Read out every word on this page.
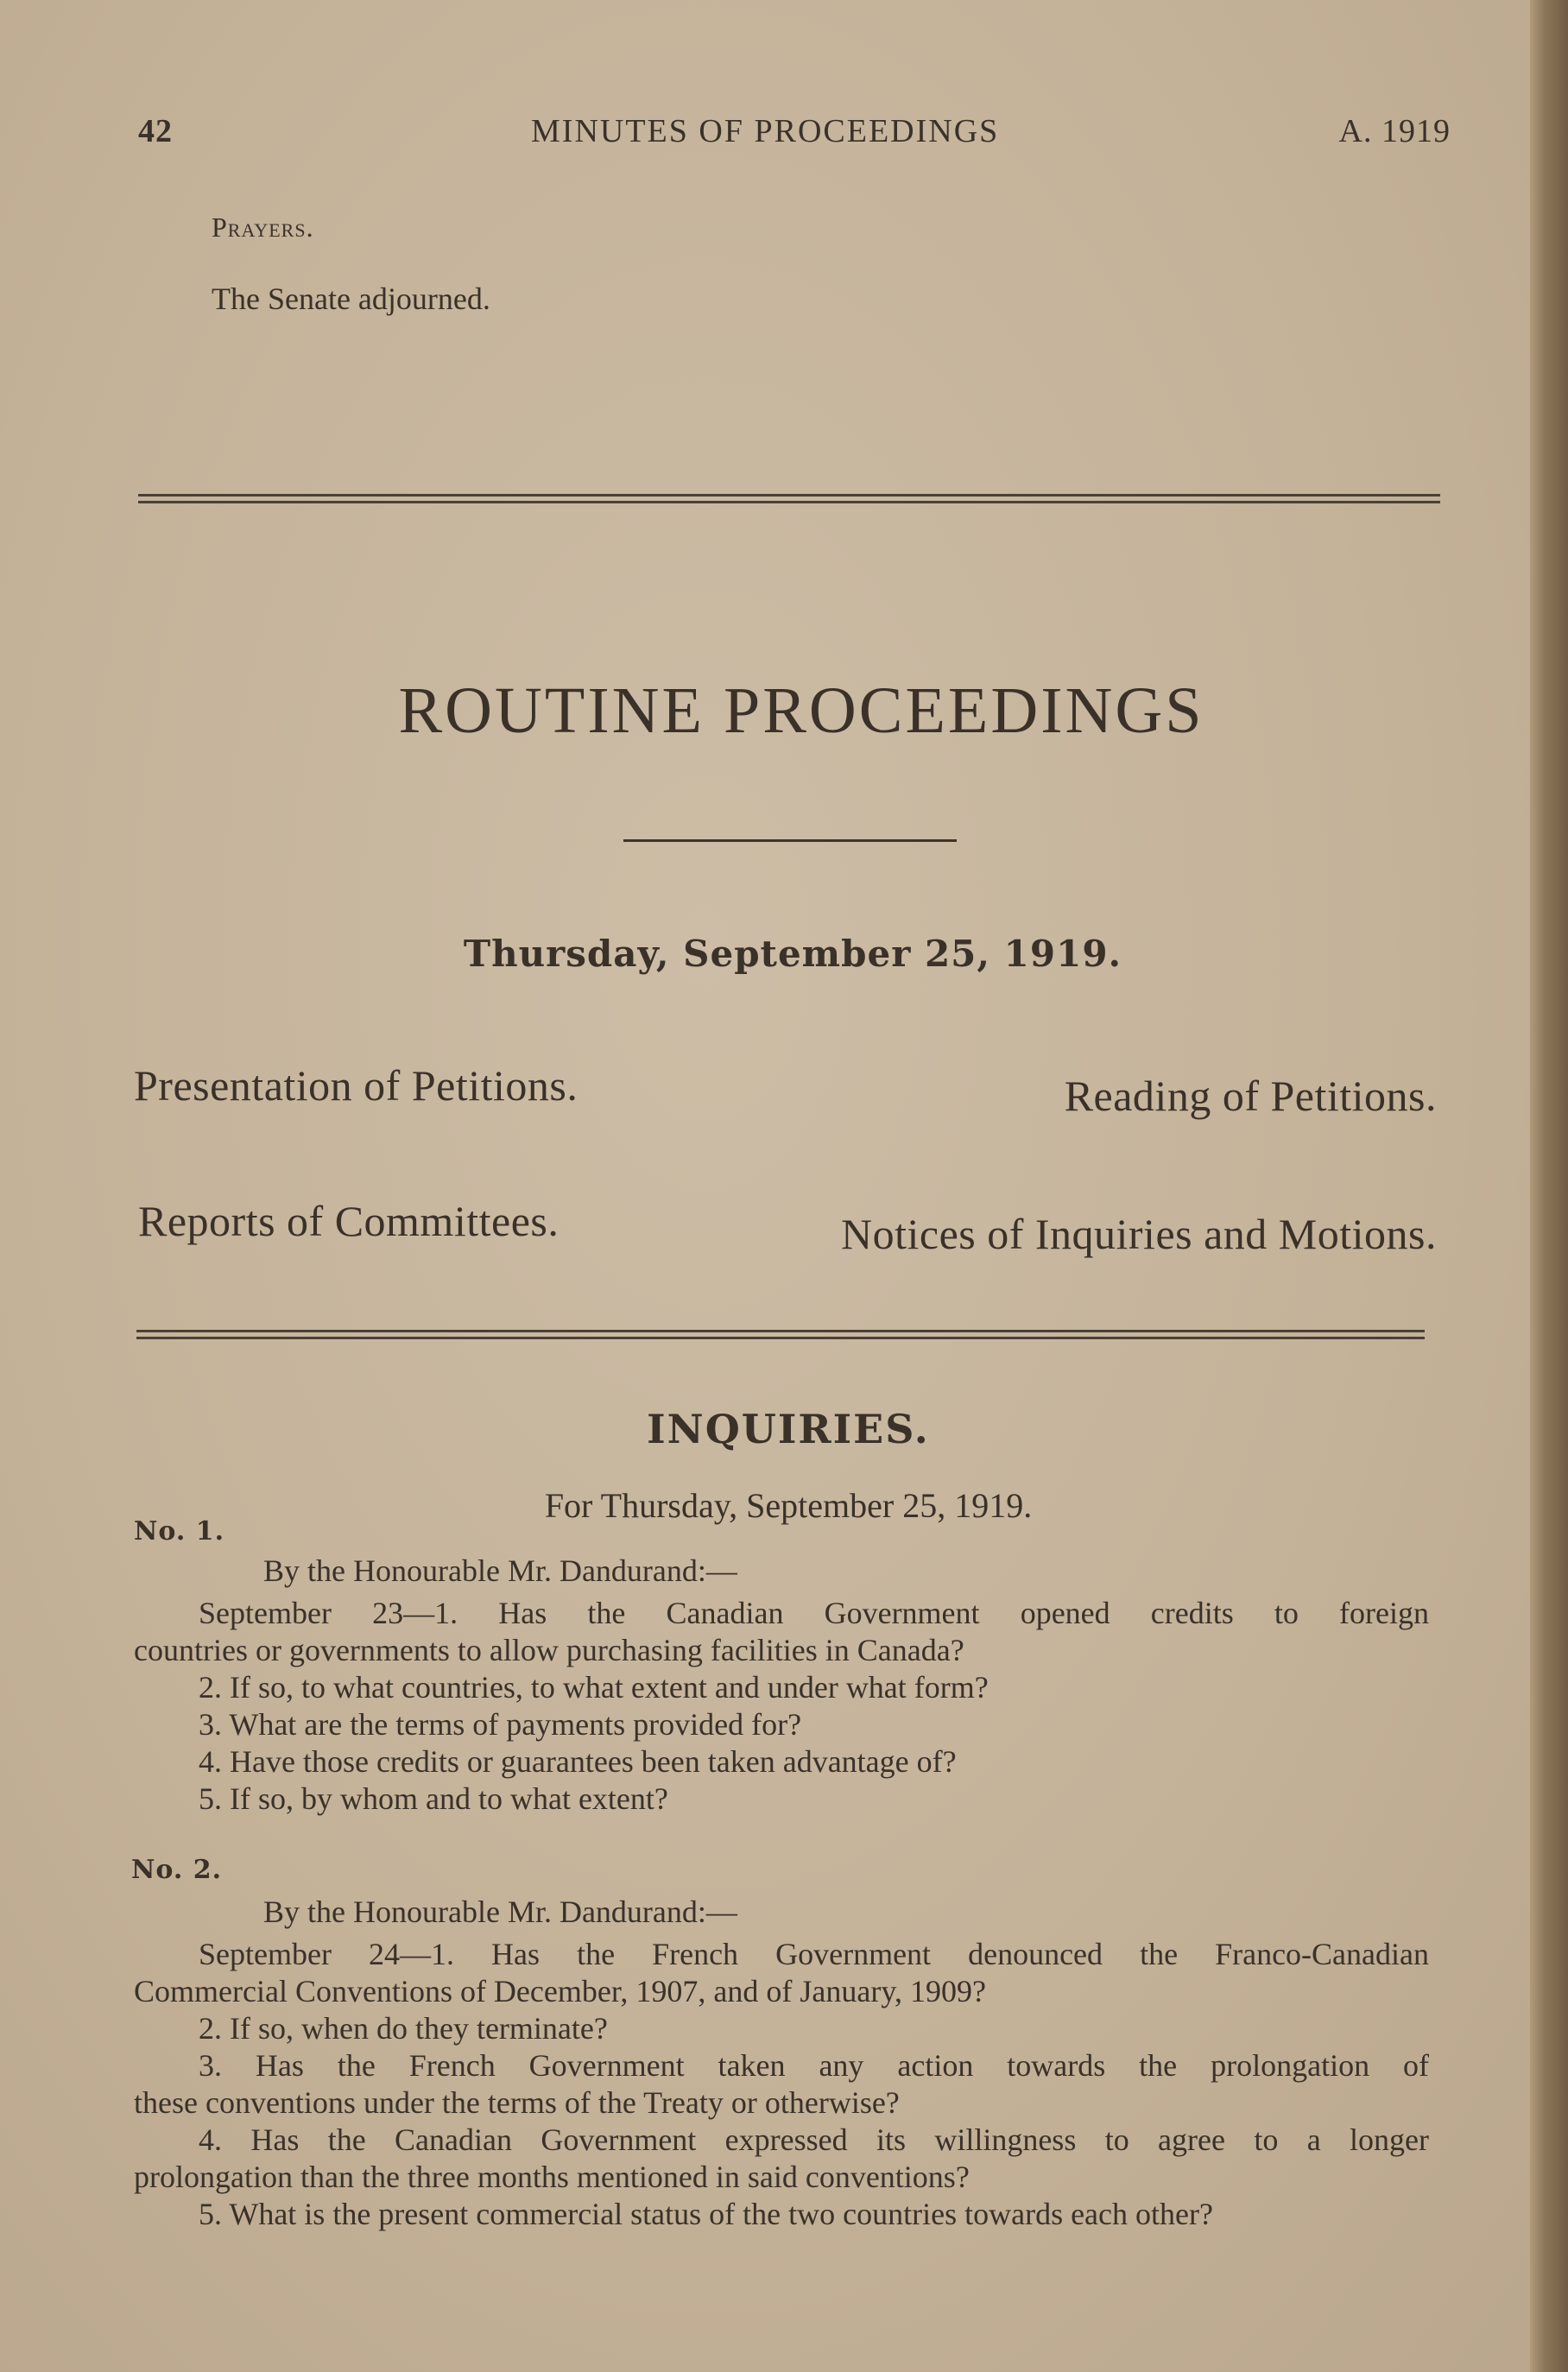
42	MINUTES OF PROCEEDINGS	A. 1919
Prayers.
The Senate adjourned.
ROUTINE PROCEEDINGS
Thursday, September 25, 1919.
Presentation of Petitions.	Reading of Petitions.
Reports of Committees.	Notices of Inquiries and Motions.
INQUIRIES.
For Thursday, September 25, 1919.
No. 1.

By the Honourable Mr. Dandurand:—

September 23—1. Has the Canadian Government opened credits to foreign

countries or governments to allow purchasing facilities in Canada?

2. If so, to what countries, to what extent and under what form?

3. What are the terms of payments provided for?

4. Have those credits or guarantees been taken advantage of?

5. If so, by whom and to what extent?

No. 2.

By the Honourable Mr. Dandurand:—

September 24—1. Has the French Government denounced the Franco-Canadian

Commercial Conventions of December, 1907, and of January, 1909?

2. If so, when do they terminate?

3. Has the French Government taken any action towards the prolongation of

these conventions under the terms of the Treaty or otherwise?

4. Has the Canadian Government expressed its willingness to agree to a longer

prolongation than the three months mentioned in said conventions?

5. What is the present commercial status of the two countries towards each other?
